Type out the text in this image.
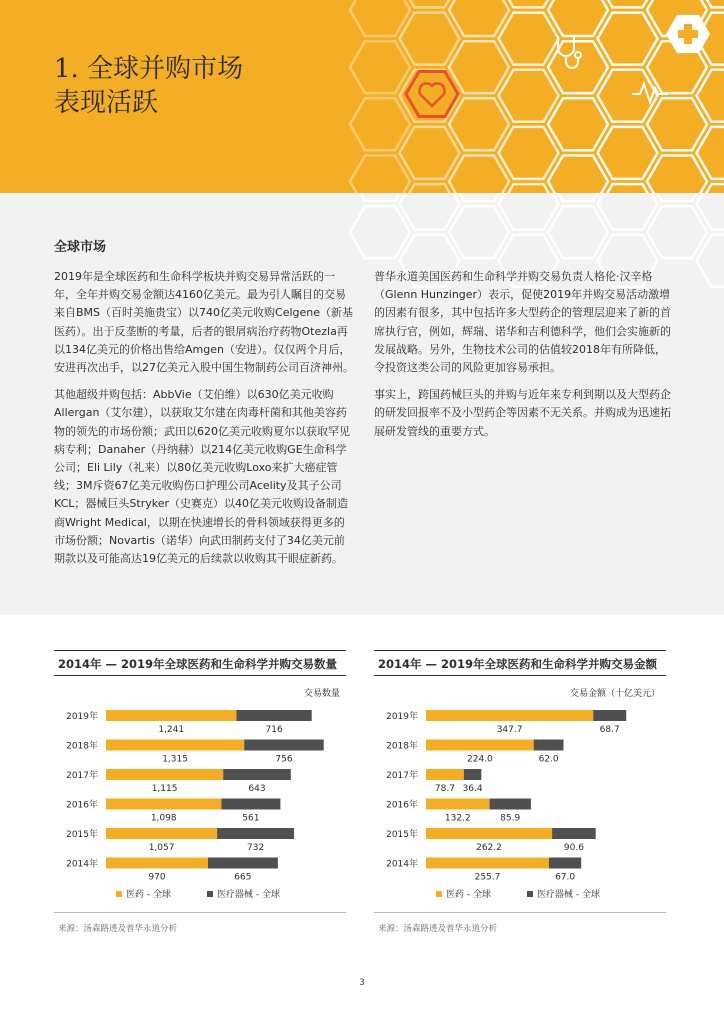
1. 全球并购市场
表现活跃
全球市场

2019年是全球医药和生命科学板块并购交易异常活跃的一年，全年并购交易金额达4160亿美元。最为引人瞩目的交易来自BMS（百时美施贵宝）以740亿美元收购Celgene（新基医药）。出于反垄断的考量，后者的银屑病治疗药物Otezla再以134亿美元的价格出售给Amgen（安进）。仅仅两个月后，安进再次出手，以27亿美元入股中国生物制药公司百济神州。

其他超级并购包括：AbbVie（艾伯维）以630亿美元收购Allergan（艾尔建），以获取艾尔建在肉毒杆菌和其他美容药物的领先的市场份额；武田以620亿美元收购夏尔以获取罕见病专利；Danaher（丹纳赫）以214亿美元收购GE生命科学公司；Eli Lily（礼来）以80亿美元收购Loxo来扩大癌症管线；3M斥资67亿美元收购伤口护理公司Acelity及其子公司KCL；器械巨头Stryker（史赛克）以40亿美元收购设备制造商Wright Medical，以期在快速增长的骨科领域获得更多的市场份额；Novartis（诺华）向武田制药支付了34亿美元前期款以及可能高达19亿美元的后续款以收购其干眼症新药。

普华永道美国医药和生命科学并购交易负责人格伦·汉辛格（Glenn Hunzinger）表示，促使2019年并购交易活动激增的因素有很多，其中包括许多大型药企的管理层迎来了新的首席执行官，例如，辉瑞、诺华和吉利德科学，他们会实施新的发展战略。另外，生物技术公司的估值较2018年有所降低，令投资这类公司的风险更加容易承担。

事实上，跨国药械巨头的并购与近年来专利到期以及大型药企的研发回报率不及小型药企等因素不无关系。并购成为迅速拓展研发管线的重要方式。

2014年 — 2019年全球医药和生命科学并购交易数量
交易数量
2019年
1,241	716
2018年
1,315	756
2017年
1,115	643
2016年
1,098	561
2015年
1,057	732
2014年
970	665
医药 - 全球	医疗器械 - 全球
来源：汤森路透及普华永道分析
2014年 — 2019年全球医药和生命科学并购交易金额
交易金额（十亿美元）
2019年
347.7	68.7
2018年
224.0	62.0
2017年
78.7 36.4
2016年
132.2	85.9
2015年
262.2	90.6
2014年
255.7	67.0
医药 - 全球	医疗器械 - 全球
来源：汤森路透及普华永道分析
3
